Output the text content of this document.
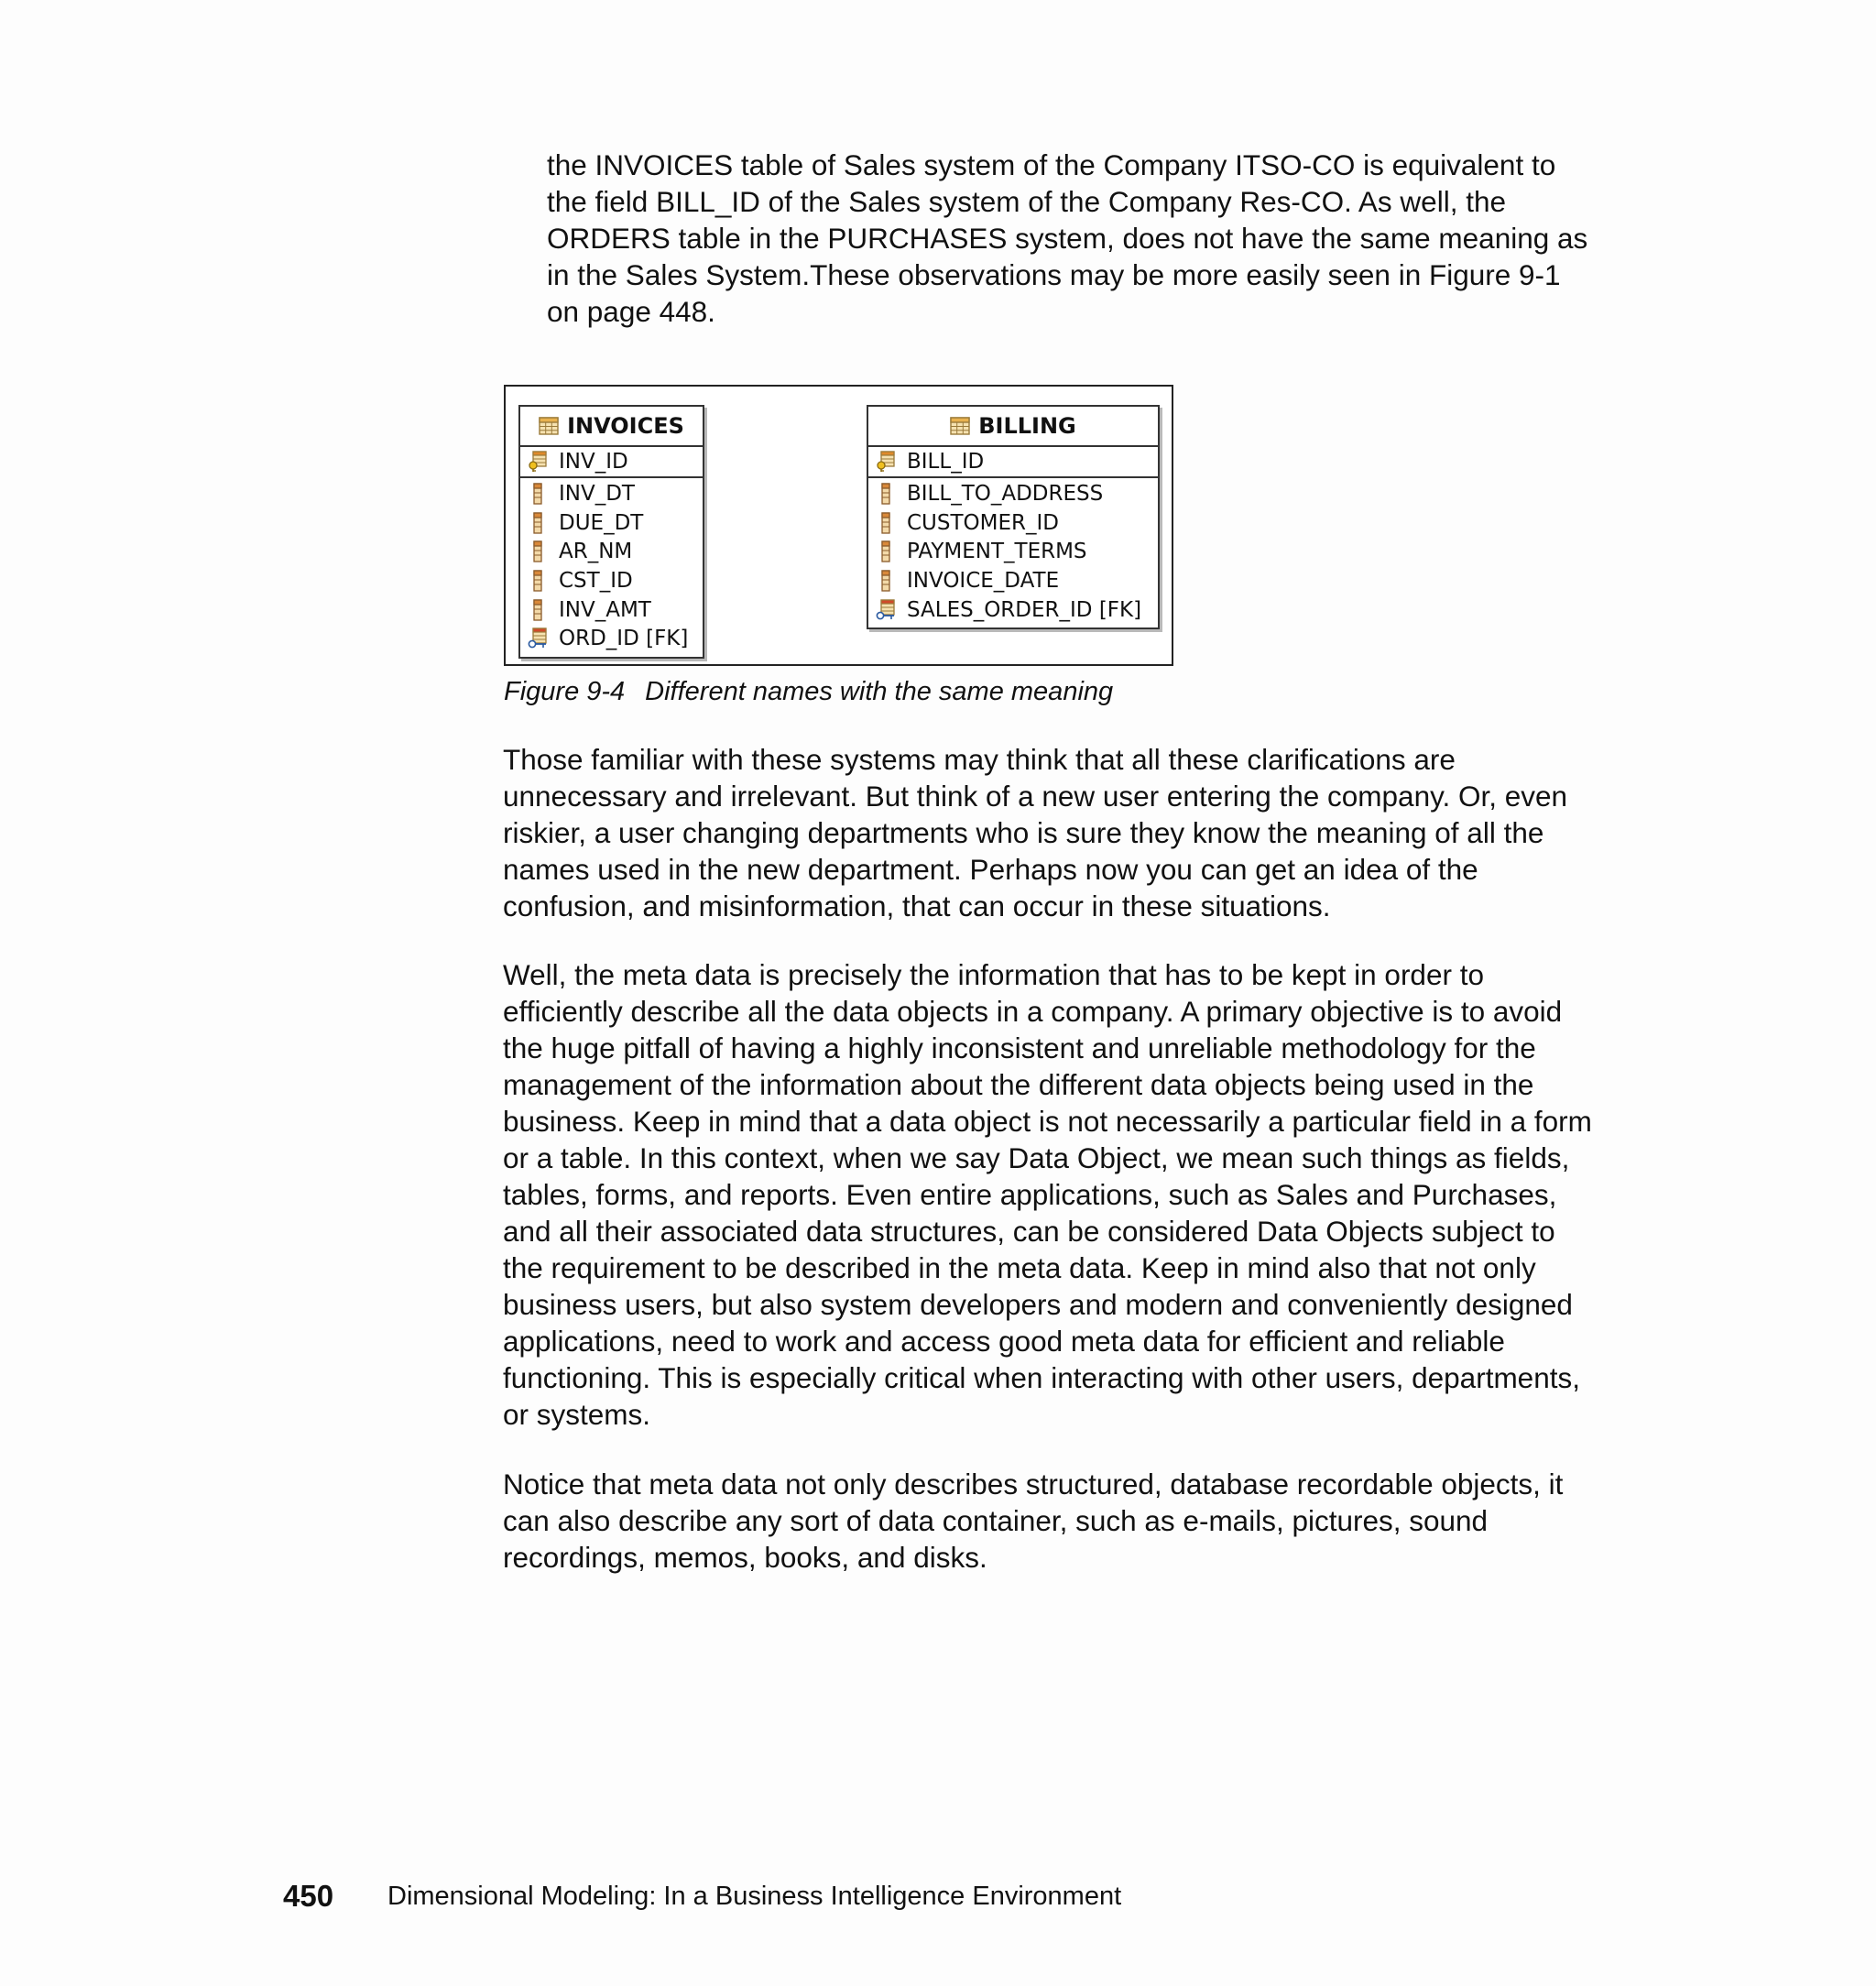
the INVOICES table of Sales system of the Company ITSO-CO is equivalent to the field BILL_ID of the Sales system of the Company Res-CO. As well, the ORDERS table in the PURCHASES system, does not have the same meaning as in the Sales System.These observations may be more easily seen in Figure 9-1 on page 448.

INVOICES
INV_ID
INV_DT
DUE_DT
AR_NM
CST_ID
INV_AMT
ORD_ID [FK]
BILLING
BILL_ID
BILL_TO_ADDRESS
CUSTOMER_ID
PAYMENT_TERMS
INVOICE_DATE
SALES_ORDER_ID [FK]

Figure 9-4 Different names with the same meaning

Those familiar with these systems may think that all these clarifications are unnecessary and irrelevant. But think of a new user entering the company. Or, even riskier, a user changing departments who is sure they know the meaning of all the names used in the new department. Perhaps now you can get an idea of the confusion, and misinformation, that can occur in these situations.

Well, the meta data is precisely the information that has to be kept in order to efficiently describe all the data objects in a company. A primary objective is to avoid the huge pitfall of having a highly inconsistent and unreliable methodology for the management of the information about the different data objects being used in the business. Keep in mind that a data object is not necessarily a particular field in a form or a table. In this context, when we say Data Object, we mean such things as fields, tables, forms, and reports. Even entire applications, such as Sales and Purchases, and all their associated data structures, can be considered Data Objects subject to the requirement to be described in the meta data. Keep in mind also that not only business users, but also system developers and modern and conveniently designed applications, need to work and access good meta data for efficient and reliable functioning. This is especially critical when interacting with other users, departments, or systems.

Notice that meta data not only describes structured, database recordable objects, it can also describe any sort of data container, such as e-mails, pictures, sound recordings, memos, books, and disks.

450 Dimensional Modeling: In a Business Intelligence Environment
